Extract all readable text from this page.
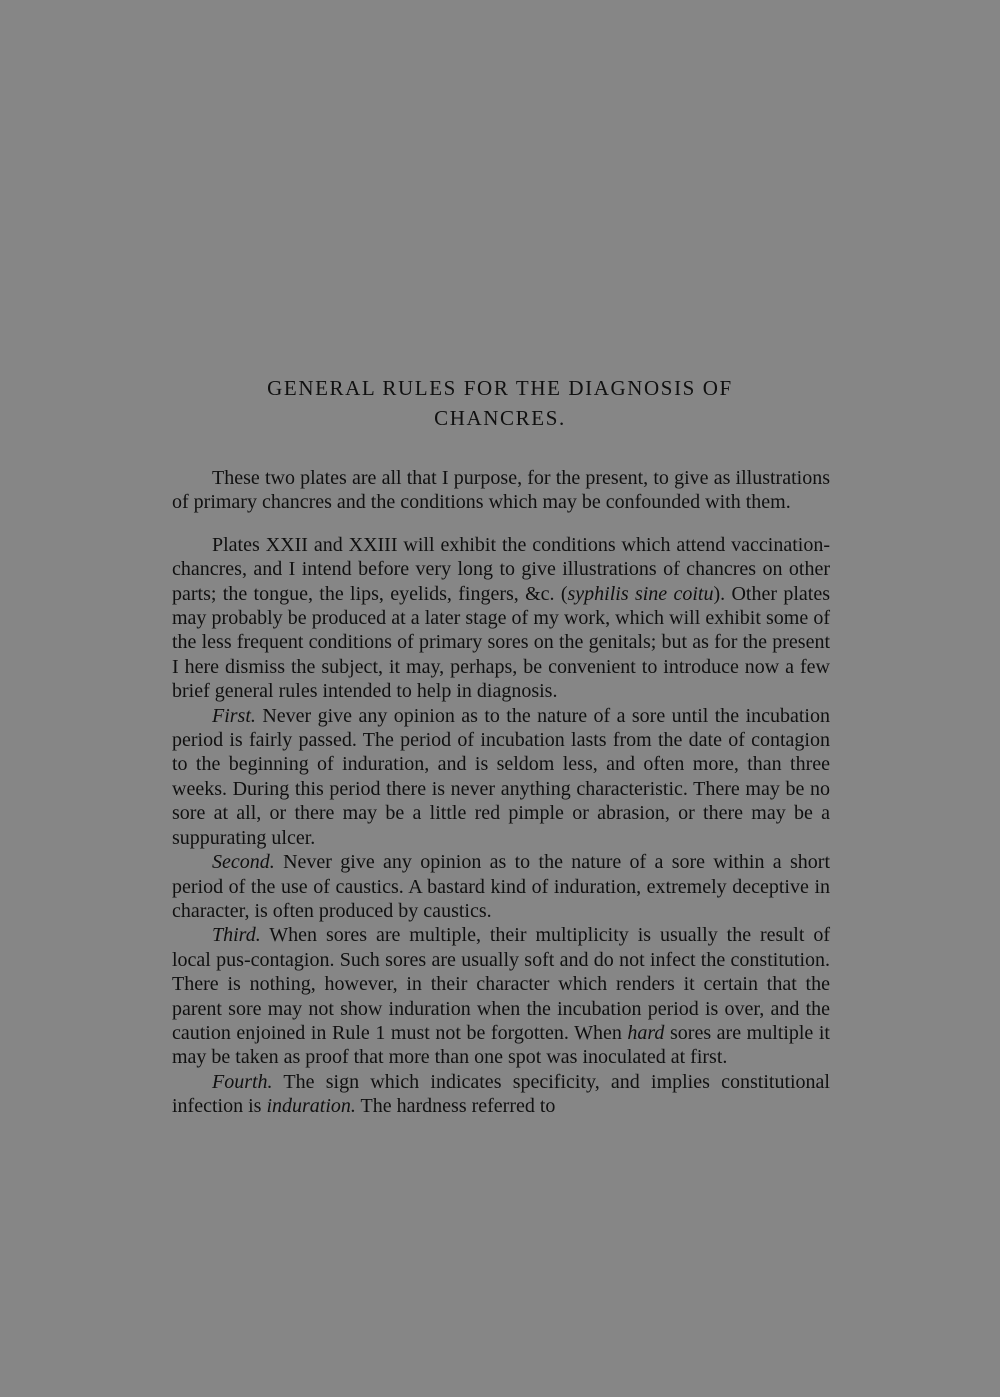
GENERAL RULES FOR THE DIAGNOSIS OF
CHANCRES.

These two plates are all that I purpose, for the present, to give as illustrations of primary chancres and the conditions which may be confounded with them.

Plates XXII and XXIII will exhibit the conditions which attend vaccination-chancres, and I intend before very long to give illustrations of chancres on other parts; the tongue, the lips, eyelids, fingers, &c. (syphilis sine coitu). Other plates may probably be produced at a later stage of my work, which will exhibit some of the less frequent conditions of primary sores on the genitals; but as for the present I here dismiss the subject, it may, perhaps, be convenient to introduce now a few brief general rules intended to help in diagnosis.

First. Never give any opinion as to the nature of a sore until the incubation period is fairly passed. The period of incubation lasts from the date of contagion to the beginning of induration, and is seldom less, and often more, than three weeks. During this period there is never anything characteristic. There may be no sore at all, or there may be a little red pimple or abrasion, or there may be a suppurating ulcer.

Second. Never give any opinion as to the nature of a sore within a short period of the use of caustics. A bastard kind of induration, extremely deceptive in character, is often produced by caustics.

Third. When sores are multiple, their multiplicity is usually the result of local pus-contagion. Such sores are usually soft and do not infect the constitution. There is nothing, however, in their character which renders it certain that the parent sore may not show induration when the incubation period is over, and the caution enjoined in Rule 1 must not be forgotten. When hard sores are multiple it may be taken as proof that more than one spot was inoculated at first.

Fourth. The sign which indicates specificity, and implies constitutional infection is induration. The hardness referred to
